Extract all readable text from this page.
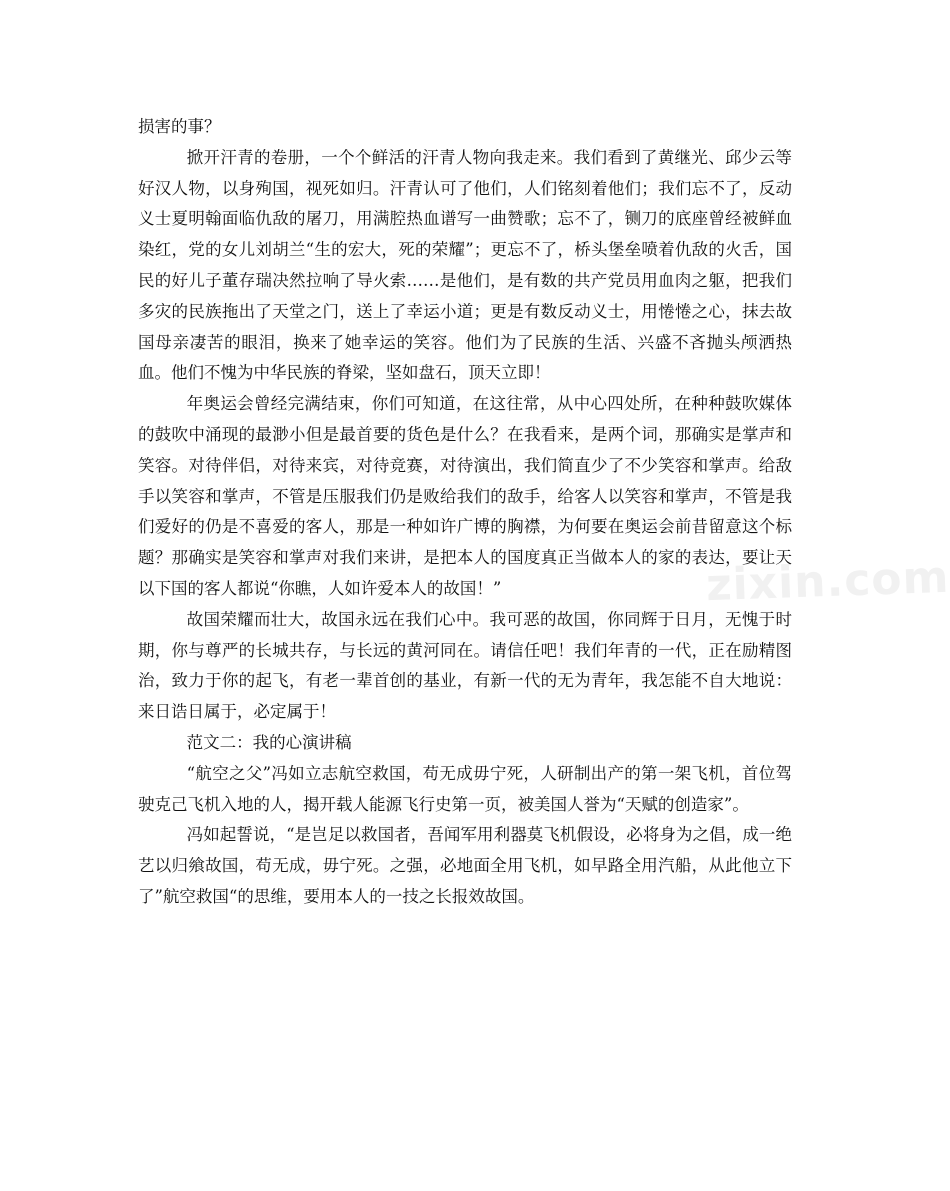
zixin.com

损害的事？

掀开汗青的卷册，一个个鲜活的汗青人物向我走来。我们看到了黄继光、邱少云等好汉人物，以身殉国，视死如归。汗青认可了他们，人们铭刻着他们；我们忘不了，反动义士夏明翰面临仇敌的屠刀，用满腔热血谱写一曲赞歌；忘不了，铡刀的底座曾经被鲜血染红，党的女儿刘胡兰“生的宏大，死的荣耀”；更忘不了，桥头堡垒喷着仇敌的火舌，国民的好儿子董存瑞决然拉响了导火索……是他们，是有数的共产党员用血肉之躯，把我们多灾的民族拖出了天堂之门，送上了幸运小道；更是有数反动义士，用惓惓之心，抹去故国母亲凄苦的眼泪，换来了她幸运的笑容。他们为了民族的生活、兴盛不吝抛头颅洒热血。他们不愧为中华民族的脊梁，坚如盘石，顶天立即！

年奥运会曾经完满结束，你们可知道，在这往常，从中心四处所，在种种鼓吹媒体的鼓吹中涌现的最渺小但是最首要的货色是什么？在我看来，是两个词，那确实是掌声和笑容。对待伴侣，对待来宾，对待竞赛，对待演出，我们简直少了不少笑容和掌声。给敌手以笑容和掌声，不管是压服我们仍是败给我们的敌手，给客人以笑容和掌声，不管是我们爱好的仍是不喜爱的客人，那是一种如许广博的胸襟，为何要在奥运会前昔留意这个标题？那确实是笑容和掌声对我们来讲，是把本人的国度真正当做本人的家的表达，要让天以下国的客人都说“你瞧，人如许爱本人的故国！”

故国荣耀而壮大，故国永远在我们心中。我可恶的故国，你同辉于日月，无愧于时期，你与尊严的长城共存，与长远的黄河同在。请信任吧！我们年青的一代，正在励精图治，致力于你的起飞，有老一辈首创的基业，有新一代的无为青年，我怎能不自大地说：来日诰日属于，必定属于！

范文二：我的心演讲稿

“航空之父”冯如立志航空救国，苟无成毋宁死，人研制出产的第一架飞机，首位驾驶克己飞机入地的人，揭开载人能源飞行史第一页，被美国人誉为“天赋的创造家”。

冯如起誓说，“是岂足以救国者，吾闻军用利器莫飞机假设，必将身为之倡，成一绝艺以归飨故国，苟无成，毋宁死。之强，必地面全用飞机，如早路全用汽船，从此他立下了”航空救国“的思维，要用本人的一技之长报效故国。
